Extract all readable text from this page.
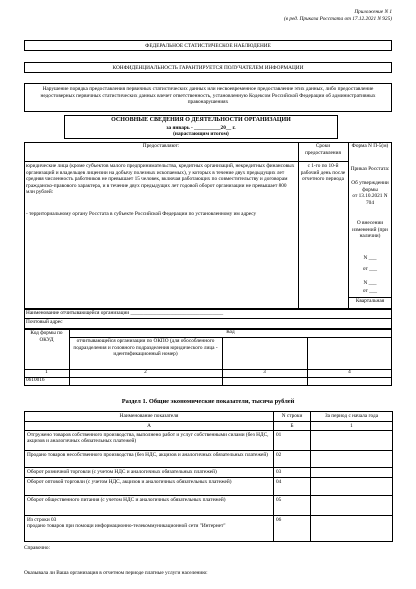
Приложение N 1
(в ред. Приказа Росстата от 17.12.2021 N 925)
ФЕДЕРАЛЬНОЕ СТАТИСТИЧЕСКОЕ НАБЛЮДЕНИЕ
КОНФИДЕНЦИАЛЬНОСТЬ ГАРАНТИРУЕТСЯ ПОЛУЧАТЕЛЕМ ИНФОРМАЦИИ
Нарушение порядка предоставления первичных статистических данных или несвоевременное предоставление этих данных, либо предоставление недостоверных первичных статистических данных влечет ответственность, установленную Кодексом Российской Федерации об административных правонарушениях
ОСНОВНЫЕ СВЕДЕНИЯ О ДЕЯТЕЛЬНОСТИ ОРГАНИЗАЦИИ
за январь - __________20__ г.
(нарастающим итогом)
Предоставляют:	Сроки предоставления
Форма N П-5(м)
юридические лица (кроме субъектов малого предпринимательства, кредитных организаций, некредитных финансовых организаций и владельцев лицензии на добычу полезных ископаемых), у которых в течение двух предыдущих лет средняя численность работников не превышает 15 человек, включая работающих по совместительству и договорам гражданско-правового характера, и в течение двух предыдущих лет годовой оборот организации не превышает 800 млн рублей:
- территориальному органу Росстата в субъекте Российской Федерации по установленному им адресу
с 1-го по 10-й рабочий день после отчетного периода
Приказ Росстата:
Об утверждении формы
от 13.10.2021 N 704
О внесении изменений (при наличии)
N ___
от ___
N ___
от ___
Квартальная
Наименование отчитывающейся организации ___________________________________
Почтовый адрес
Код формы по ОКУД
Код
отчитывающейся организации по ОКПО (для обособленного подразделения и головного подразделения юридического лица - идентификационный номер)
1	2	3	4
0610016
Раздел 1. Общие экономические показатели, тысяча рублей
Наименование показателя	N строки	За период с начала года
А	Б	1
Отгружено товаров собственного производства, выполнено работ и услуг собственными силами (без НДС, акцизов и аналогичных обязательных платежей)	01	
Продано товаров несобственного производства (без НДС, акцизов и аналогичных обязательных платежей)	02	
Оборот розничной торговли (с учетом НДС и аналогичных обязательных платежей)	03	
Оборот оптовой торговли (с учетом НДС, акцизов и аналогичных обязательных платежей)	04	
Оборот общественного питания (с учетом НДС и аналогичных обязательных платежей)	05	
Из строки 03
продано товаров при помощи информационно-телекоммуникационной сети "Интернет"	06	
Справочно:
Оказывала ли Ваша организация в отчетном периоде платные услуги населению:
